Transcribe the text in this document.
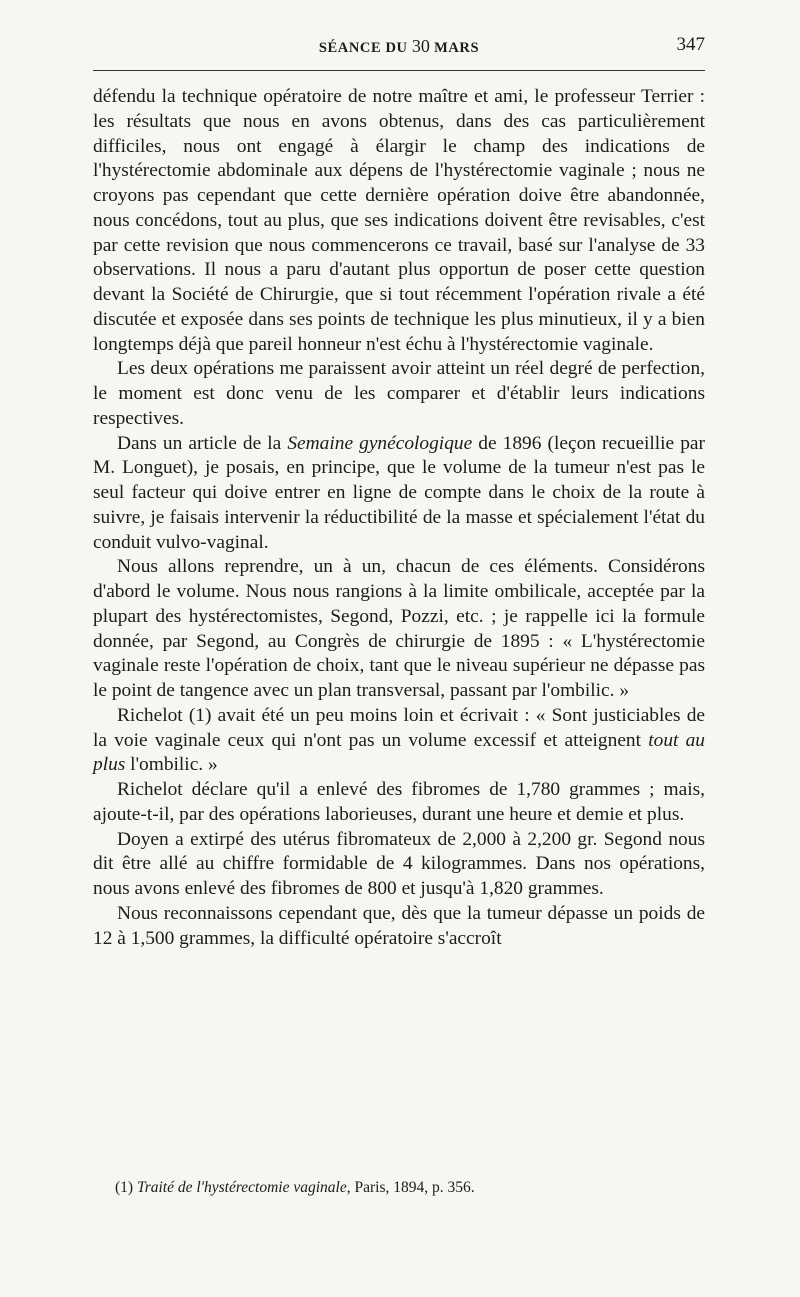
SÉANCE DU 30 MARS	347

défendu la technique opératoire de notre maître et ami, le professeur Terrier : les résultats que nous en avons obtenus, dans des cas particulièrement difficiles, nous ont engagé à élargir le champ des indications de l'hystérectomie abdominale aux dépens de l'hystérectomie vaginale ; nous ne croyons pas cependant que cette dernière opération doive être abandonnée, nous concédons, tout au plus, que ses indications doivent être revisables, c'est par cette revision que nous commencerons ce travail, basé sur l'analyse de 33 observations. Il nous a paru d'autant plus opportun de poser cette question devant la Société de Chirurgie, que si tout récemment l'opération rivale a été discutée et exposée dans ses points de technique les plus minutieux, il y a bien longtemps déjà que pareil honneur n'est échu à l'hystérectomie vaginale.

Les deux opérations me paraissent avoir atteint un réel degré de perfection, le moment est donc venu de les comparer et d'établir leurs indications respectives.

Dans un article de la Semaine gynécologique de 1896 (leçon recueillie par M. Longuet), je posais, en principe, que le volume de la tumeur n'est pas le seul facteur qui doive entrer en ligne de compte dans le choix de la route à suivre, je faisais intervenir la réductibilité de la masse et spécialement l'état du conduit vulvo-vaginal.

Nous allons reprendre, un à un, chacun de ces éléments. Considérons d'abord le volume. Nous nous rangions à la limite ombilicale, acceptée par la plupart des hystérectomistes, Segond, Pozzi, etc. ; je rappelle ici la formule donnée, par Segond, au Congrès de chirurgie de 1895 : « L'hystérectomie vaginale reste l'opération de choix, tant que le niveau supérieur ne dépasse pas le point de tangence avec un plan transversal, passant par l'ombilic. »

Richelot (1) avait été un peu moins loin et écrivait : « Sont justiciables de la voie vaginale ceux qui n'ont pas un volume excessif et atteignent tout au plus l'ombilic. »

Richelot déclare qu'il a enlevé des fibromes de 1,780 grammes ; mais, ajoute-t-il, par des opérations laborieuses, durant une heure et demie et plus.

Doyen a extirpé des utérus fibromateux de 2,000 à 2,200 gr. Segond nous dit être allé au chiffre formidable de 4 kilogrammes. Dans nos opérations, nous avons enlevé des fibromes de 800 et jusqu'à 1,820 grammes.

Nous reconnaissons cependant que, dès que la tumeur dépasse un poids de 12 à 1,500 grammes, la difficulté opératoire s'accroît

(1) Traité de l'hystérectomie vaginale, Paris, 1894, p. 356.
